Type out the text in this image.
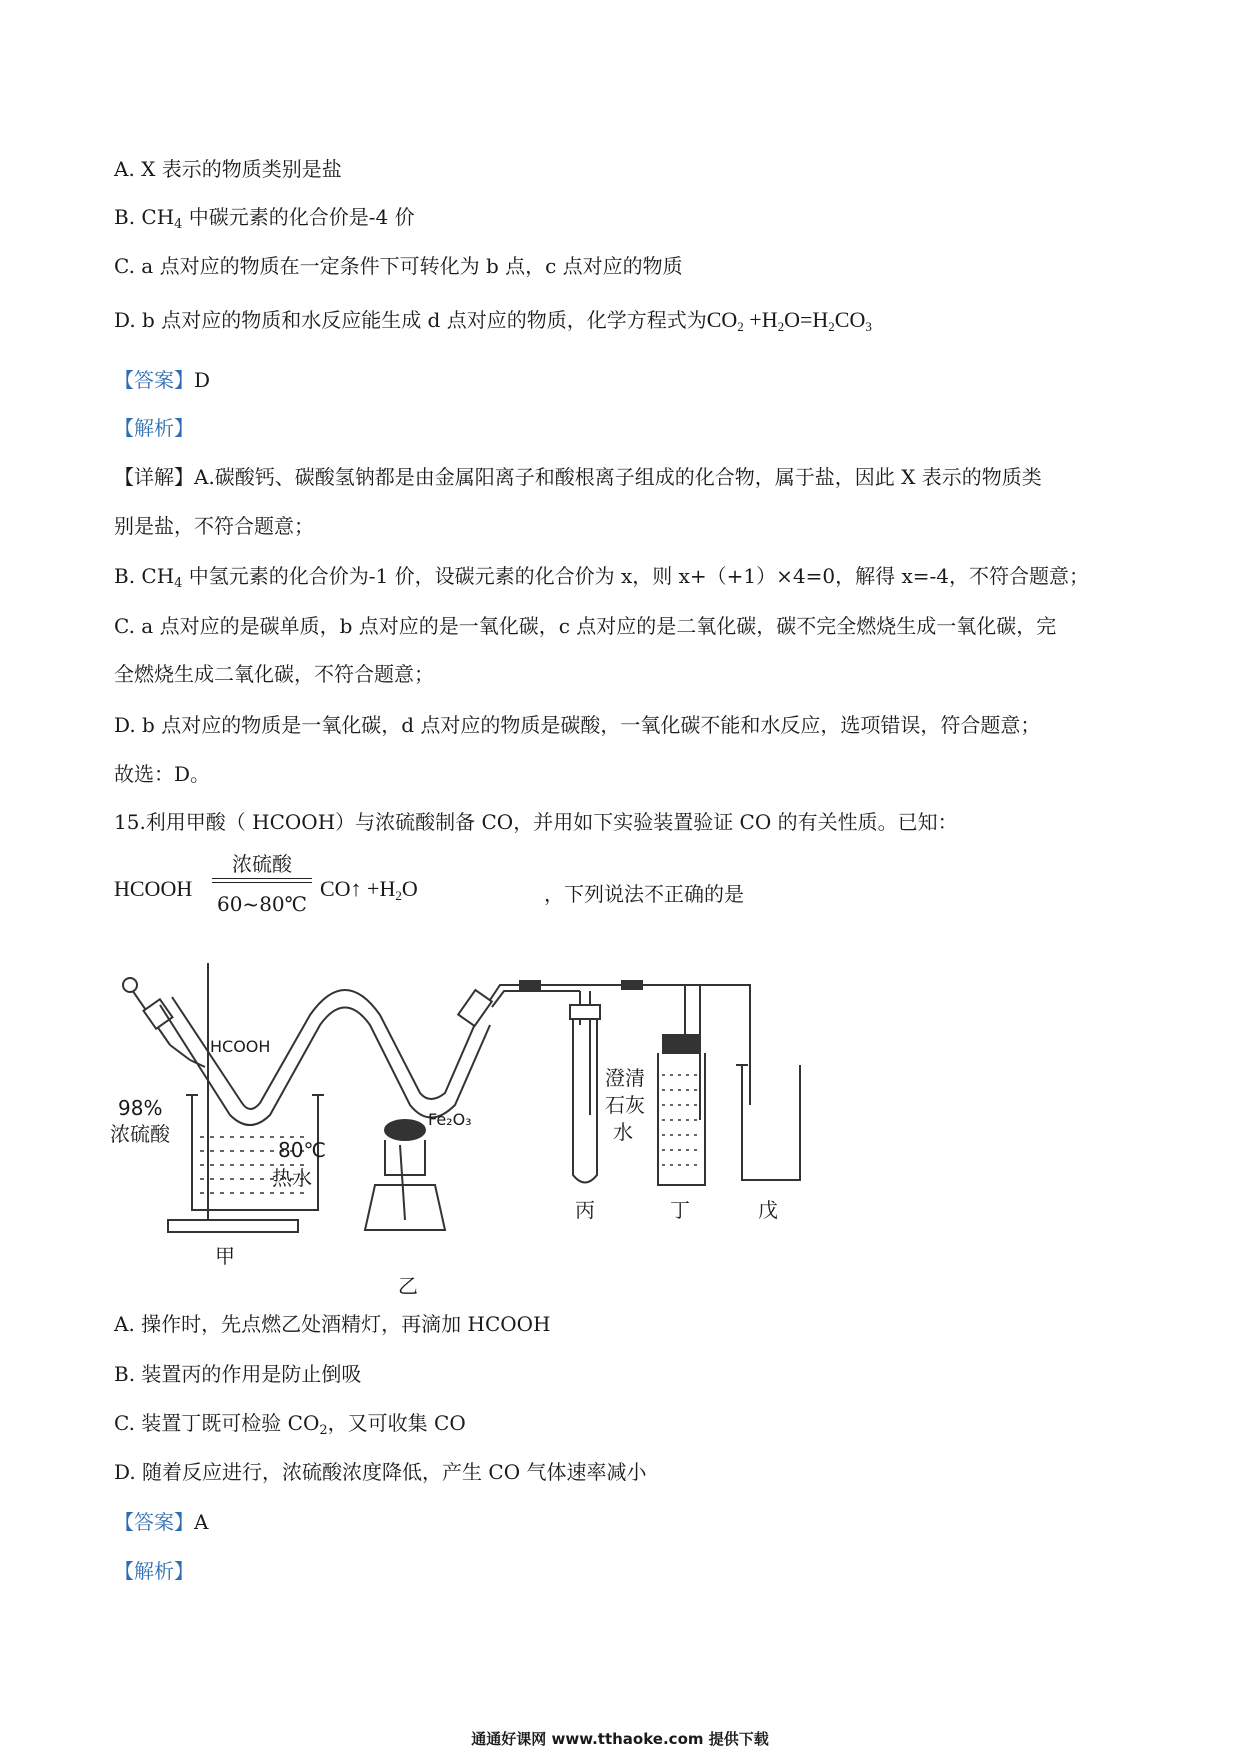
A. X 表示的物质类别是盐
B. $CH_4$ 中碳元素的化合价是-4 价
C. a 点对应的物质在一定条件下可转化为 b 点，c 点对应的物质
D. b 点对应的物质和水反应能生成 d 点对应的物质，化学方程式为$CO_2 +H_2O=H_2CO_3$
【答案】D
【解析】
【详解】A.碳酸钙、碳酸氢钠都是由金属阳离子和酸根离子组成的化合物，属于盐，因此 X 表示的物质类
别是盐，不符合题意；
B. $CH_4$ 中氢元素的化合价为-1 价，设碳元素的化合价为 x，则 x+（+1）×4=0，解得 x=-4，不符合题意；
C. a 点对应的是碳单质，b 点对应的是一氧化碳，c 点对应的是二氧化碳，碳不完全燃烧生成一氧化碳，完
全燃烧生成二氧化碳，不符合题意；
D. b 点对应的物质是一氧化碳，d 点对应的物质是碳酸，一氧化碳不能和水反应，选项错误，符合题意；
故选：D。
15.利用甲酸（ HCOOH）与浓硫酸制备 CO，并用如下实验装置验证 CO 的有关性质。已知：
HCOOH
浓硫酸
60~80℃
CO↑ $+H_2O$	，下列说法不正确的是
HCOOH
98%
浓硫酸
80℃
热水
Fe₂O₃
澄清
石灰
水
甲
乙
丙	丁	戊
A. 操作时，先点燃乙处酒精灯，再滴加 HCOOH
B. 装置丙的作用是防止倒吸
C. 装置丁既可检验 $CO_2$，又可收集 CO
D. 随着反应进行，浓硫酸浓度降低，产生 CO 气体速率减小
【答案】A
【解析】
通通好课网 www.tthaoke.com 提供下载
